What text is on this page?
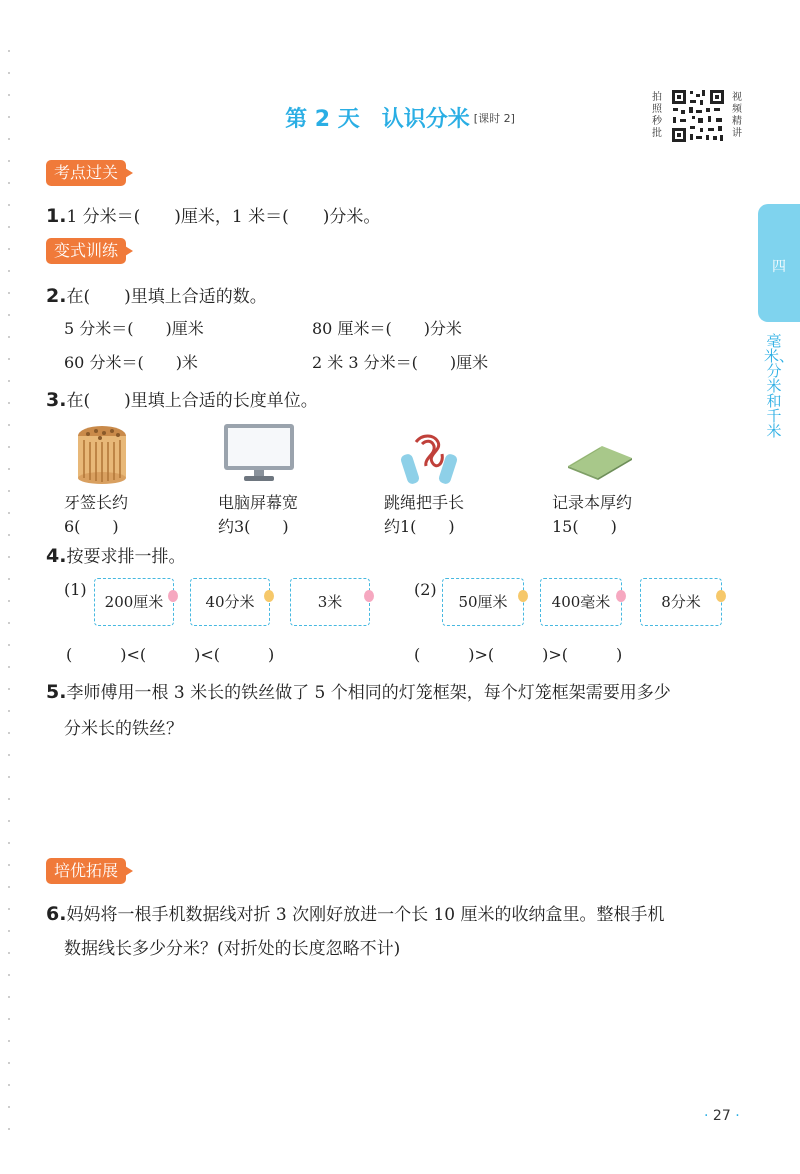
第 2 天 认识分米 [课时 2]
拍照秒批
视频精讲
四
毫米、分米和千米
考点过关
1.1 分米＝(　　)厘米，1 米＝(　　)分米。
变式训练
2.在(　　)里填上合适的数。
5 分米＝(　　)厘米	80 厘米＝(　　)分米
60 分米＝(　　)米	2 米 3 分米＝(　　)厘米
3.在(　　)里填上合适的长度单位。
牙签长约
6(　　)
电脑屏幕宽
约3(　　)
跳绳把手长
约1(　　)
记录本厚约
15(　　)
4.按要求排一排。
(1)
200厘米	40分米	3米
(　　　)<(　　　)<(　　　)
(2)
50厘米	400毫米	8分米
(　　　)>(　　　)>(　　　)
5.李师傅用一根 3 米长的铁丝做了 5 个相同的灯笼框架，每个灯笼框架需要用多少
分米长的铁丝？
培优拓展
6.妈妈将一根手机数据线对折 3 次刚好放进一个长 10 厘米的收纳盒里。整根手机
数据线长多少分米？(对折处的长度忽略不计)
· 27 ·
